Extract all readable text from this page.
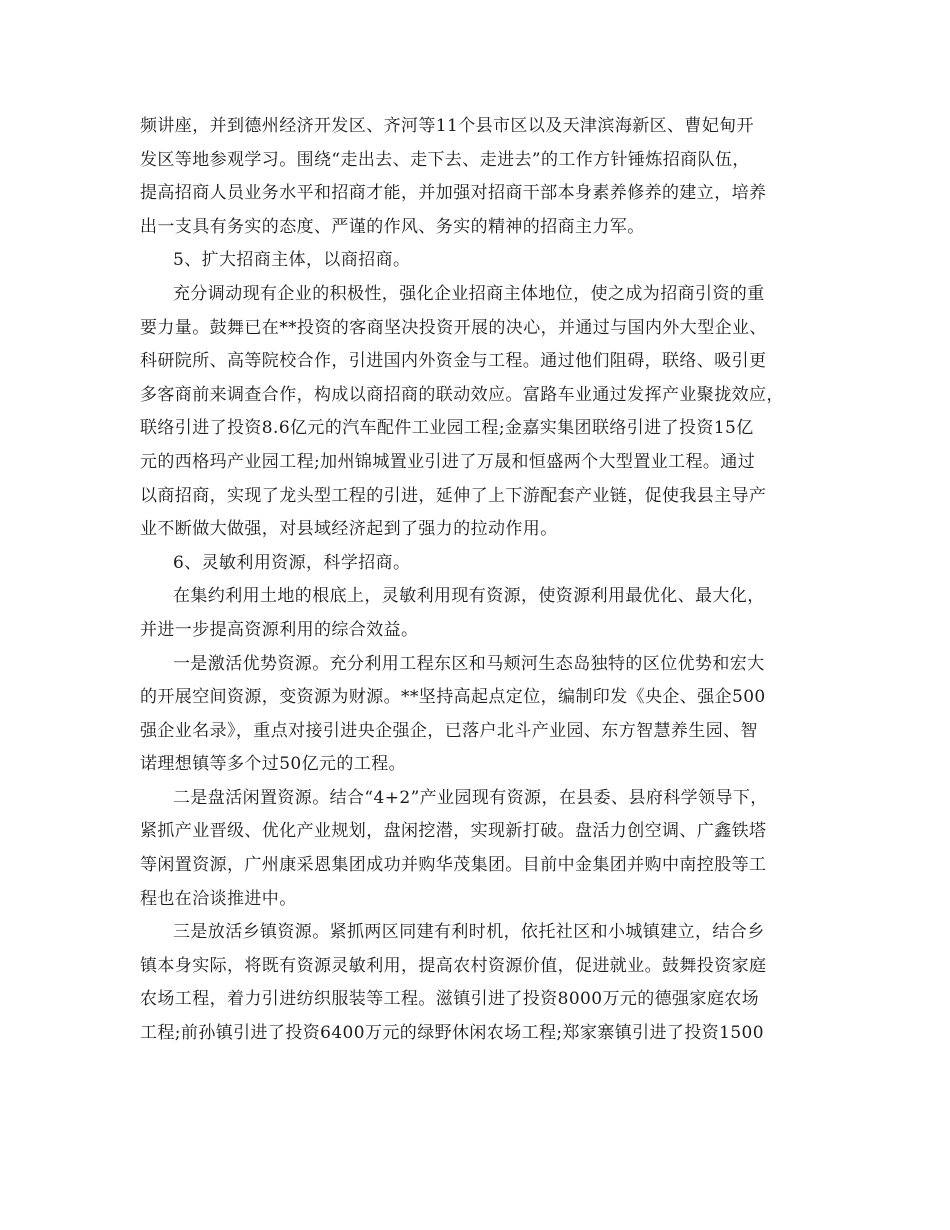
频讲座，并到德州经济开发区、齐河等11个县市区以及天津滨海新区、曹妃甸开
发区等地参观学习。围绕“走出去、走下去、走进去”的工作方针锤炼招商队伍，
提高招商人员业务水平和招商才能，并加强对招商干部本身素养修养的建立，培养
出一支具有务实的态度、严谨的作风、务实的精神的招商主力军。
5、扩大招商主体，以商招商。
充分调动现有企业的积极性，强化企业招商主体地位，使之成为招商引资的重
要力量。鼓舞已在**投资的客商坚决投资开展的决心，并通过与国内外大型企业、
科研院所、高等院校合作，引进国内外资金与工程。通过他们阻碍，联络、吸引更
多客商前来调查合作，构成以商招商的联动效应。富路车业通过发挥产业聚拢效应，
联络引进了投资8.6亿元的汽车配件工业园工程;金嘉实集团联络引进了投资15亿
元的西格玛产业园工程;加州锦城置业引进了万晟和恒盛两个大型置业工程。通过
以商招商，实现了龙头型工程的引进，延伸了上下游配套产业链，促使我县主导产
业不断做大做强，对县域经济起到了强力的拉动作用。
6、灵敏利用资源，科学招商。
在集约利用土地的根底上，灵敏利用现有资源，使资源利用最优化、最大化，
并进一步提高资源利用的综合效益。
一是激活优势资源。充分利用工程东区和马颊河生态岛独特的区位优势和宏大
的开展空间资源，变资源为财源。**坚持高起点定位，编制印发《央企、强企500
强企业名录》，重点对接引进央企强企，已落户北斗产业园、东方智慧养生园、智
诺理想镇等多个过50亿元的工程。
二是盘活闲置资源。结合“4+2”产业园现有资源，在县委、县府科学领导下，
紧抓产业晋级、优化产业规划，盘闲挖潜，实现新打破。盘活力创空调、广鑫铁塔
等闲置资源，广州康采恩集团成功并购华茂集团。目前中金集团并购中南控股等工
程也在洽谈推进中。
三是放活乡镇资源。紧抓两区同建有利时机，依托社区和小城镇建立，结合乡
镇本身实际，将既有资源灵敏利用，提高农村资源价值，促进就业。鼓舞投资家庭
农场工程，着力引进纺织服装等工程。滋镇引进了投资8000万元的德强家庭农场
工程;前孙镇引进了投资6400万元的绿野休闲农场工程;郑家寨镇引进了投资1500
